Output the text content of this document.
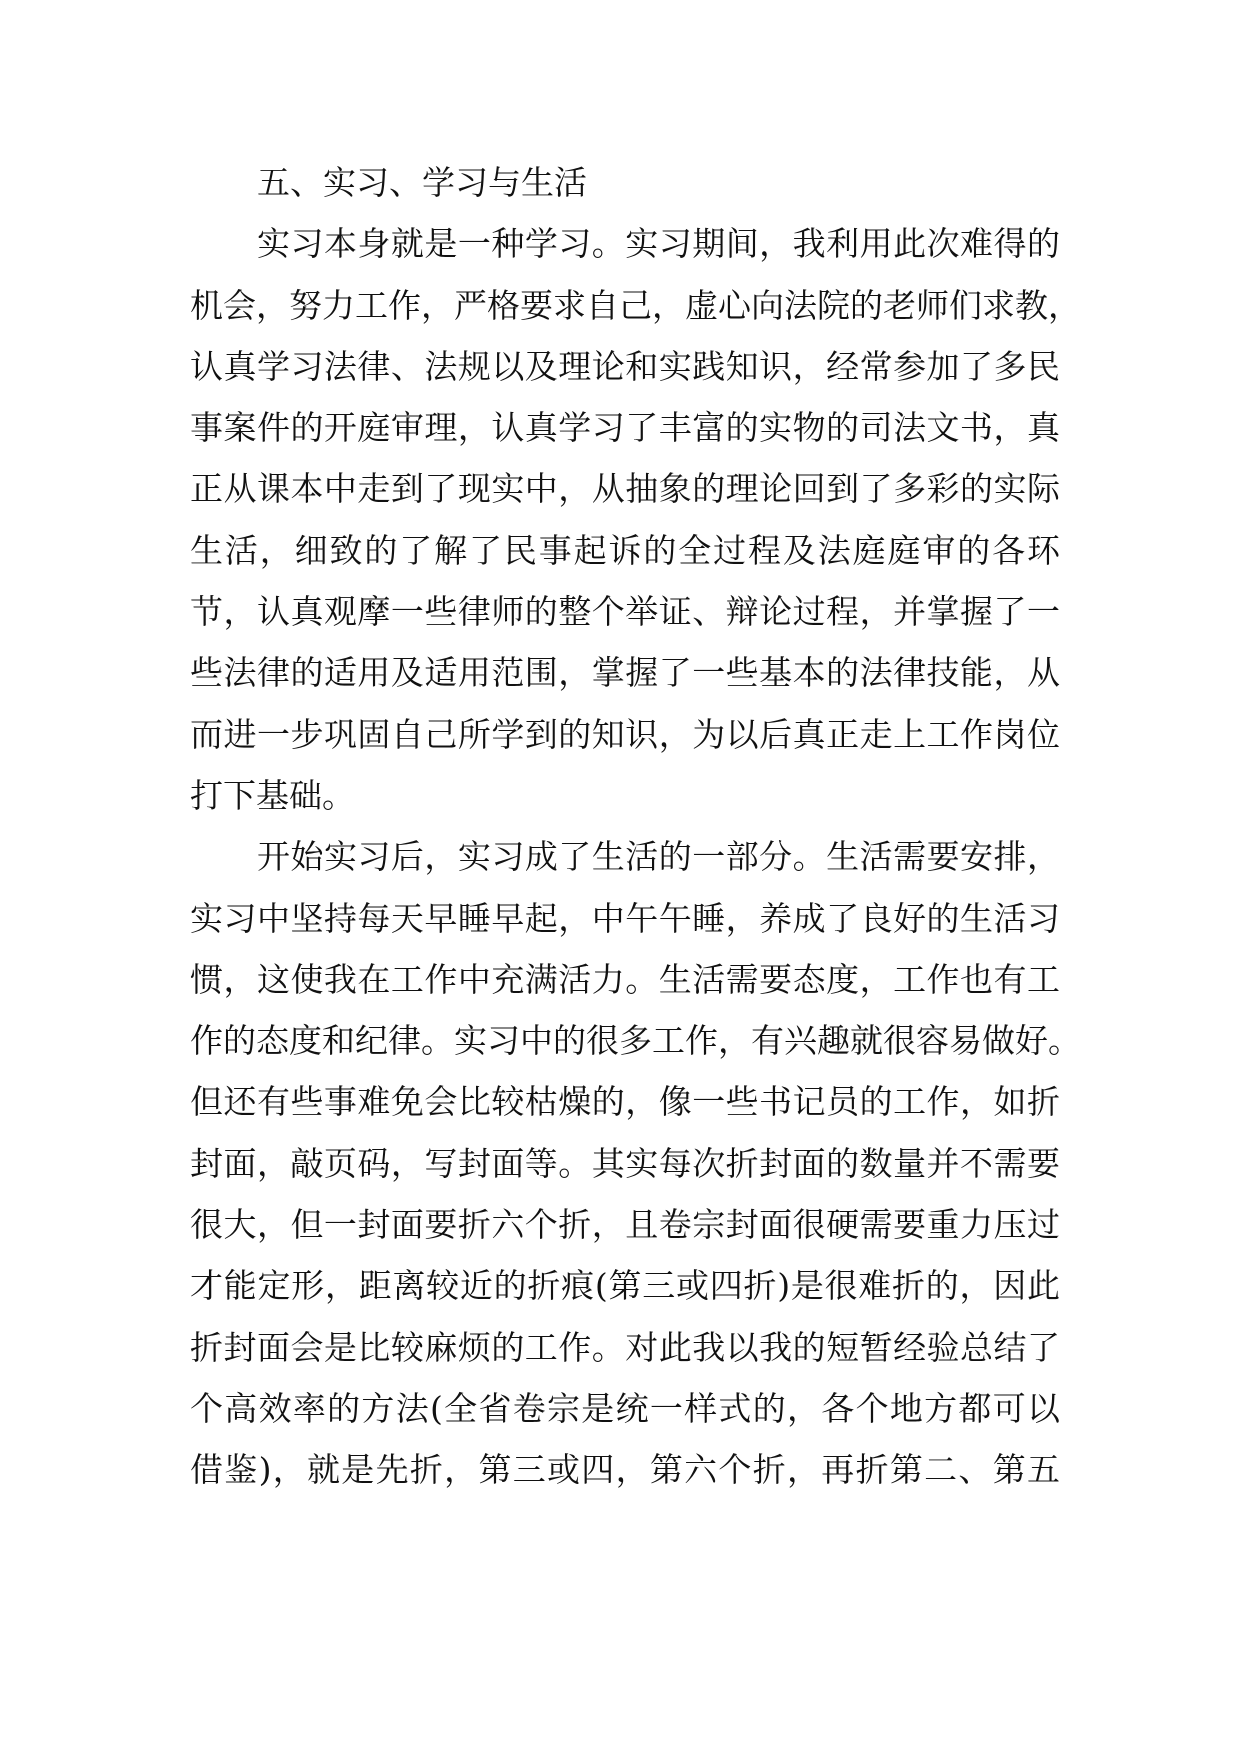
五、实习、学习与生活
实习本身就是一种学习。实习期间，我利用此次难得的
机会，努力工作，严格要求自己，虚心向法院的老师们求教，
认真学习法律、法规以及理论和实践知识，经常参加了多民
事案件的开庭审理，认真学习了丰富的实物的司法文书，真
正从课本中走到了现实中，从抽象的理论回到了多彩的实际
生活，细致的了解了民事起诉的全过程及法庭庭审的各环
节，认真观摩一些律师的整个举证、辩论过程，并掌握了一
些法律的适用及适用范围，掌握了一些基本的法律技能，从
而进一步巩固自己所学到的知识，为以后真正走上工作岗位
打下基础。
开始实习后，实习成了生活的一部分。生活需要安排，
实习中坚持每天早睡早起，中午午睡，养成了良好的生活习
惯，这使我在工作中充满活力。生活需要态度，工作也有工
作的态度和纪律。实习中的很多工作，有兴趣就很容易做好。
但还有些事难免会比较枯燥的，像一些书记员的工作，如折
封面，敲页码，写封面等。其实每次折封面的数量并不需要
很大，但一封面要折六个折，且卷宗封面很硬需要重力压过
才能定形，距离较近的折痕(第三或四折)是很难折的，因此
折封面会是比较麻烦的工作。对此我以我的短暂经验总结了
个高效率的方法(全省卷宗是统一样式的，各个地方都可以
借鉴)，就是先折，第三或四，第六个折，再折第二、第五
